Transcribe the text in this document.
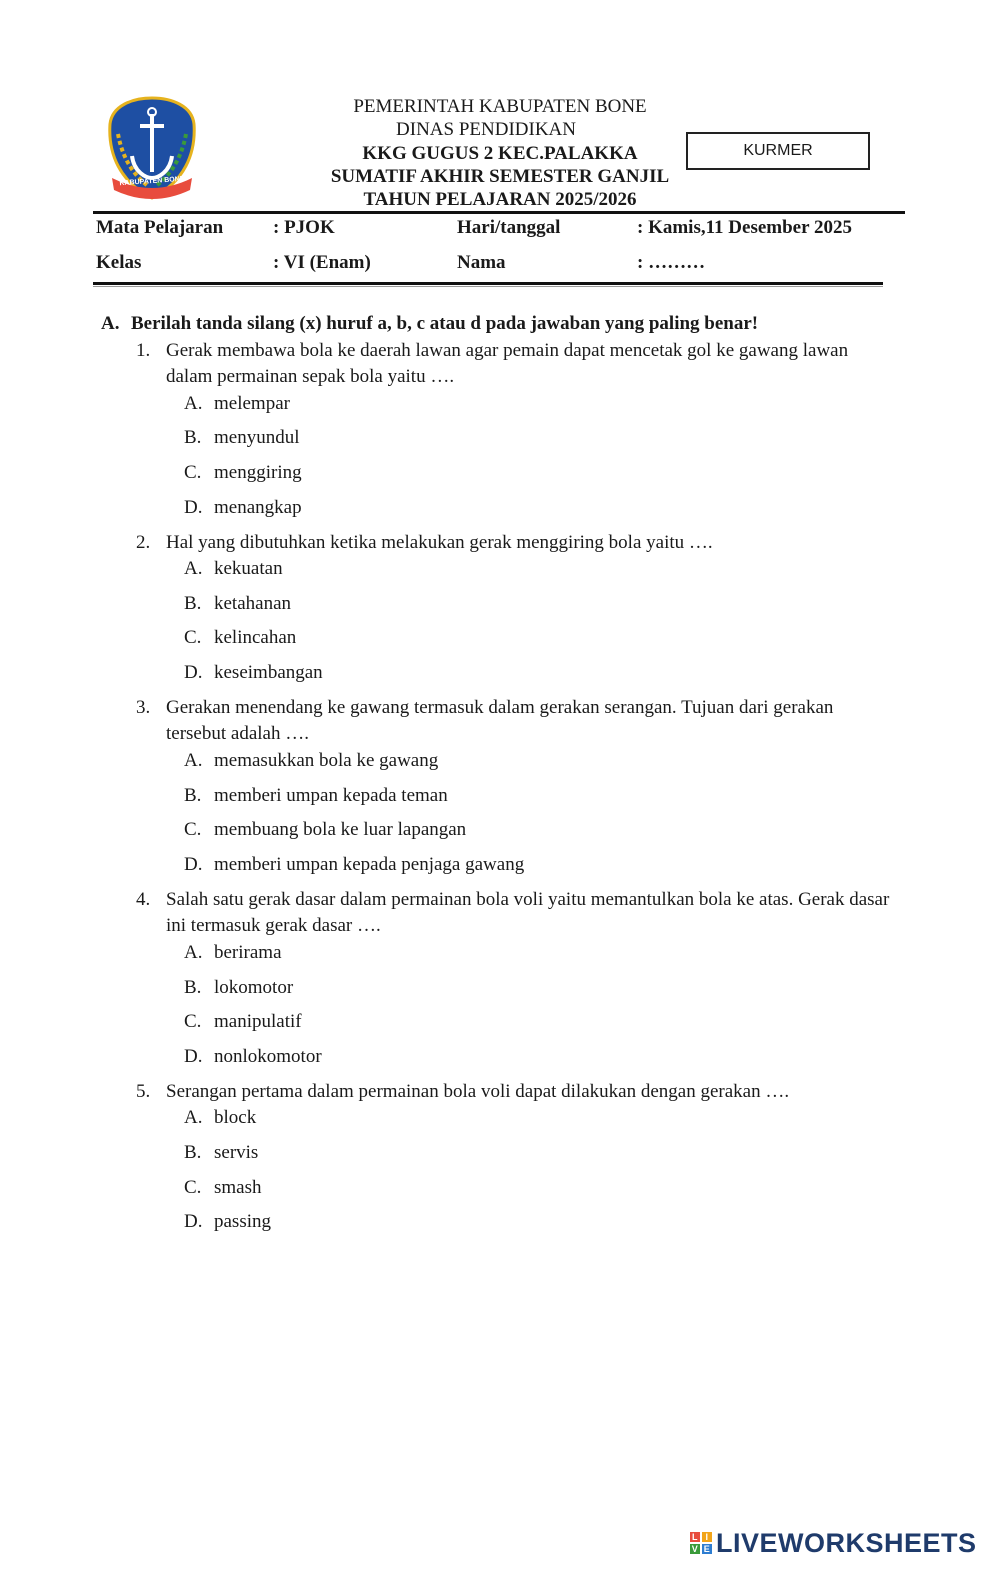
KABUPATEN BONE
PEMERINTAH KABUPATEN BONE
DINAS PENDIDIKAN
KKG GUGUS 2 KEC.PALAKKA
SUMATIF AKHIR SEMESTER GANJIL
TAHUN PELAJARAN 2025/2026
KURMER
Mata Pelajaran	: PJOK	Hari/tanggal	: Kamis,11 Desember 2025
Kelas	: VI (Enam)	Nama	: ………
A. Berilah tanda silang (x) huruf a, b, c atau d pada jawaban yang paling benar!
1. Gerak membawa bola ke daerah lawan agar pemain dapat mencetak gol ke gawang lawan dalam permainan sepak bola yaitu ….
A. melempar
B. menyundul
C. menggiring
D. menangkap
2. Hal yang dibutuhkan ketika melakukan gerak menggiring bola yaitu ….
A. kekuatan
B. ketahanan
C. kelincahan
D. keseimbangan
3. Gerakan menendang ke gawang termasuk dalam gerakan serangan. Tujuan dari gerakan tersebut adalah ….
A. memasukkan bola ke gawang
B. memberi umpan kepada teman
C. membuang bola ke luar lapangan
D. memberi umpan kepada penjaga gawang
4. Salah satu gerak dasar dalam permainan bola voli yaitu memantulkan bola ke atas. Gerak dasar ini termasuk gerak dasar ….
A. berirama
B. lokomotor
C. manipulatif
D. nonlokomotor
5. Serangan pertama dalam permainan bola voli dapat dilakukan dengan gerakan ….
A. block
B. servis
C. smash
D. passing
L I
V E LIVEWORKSHEETS
